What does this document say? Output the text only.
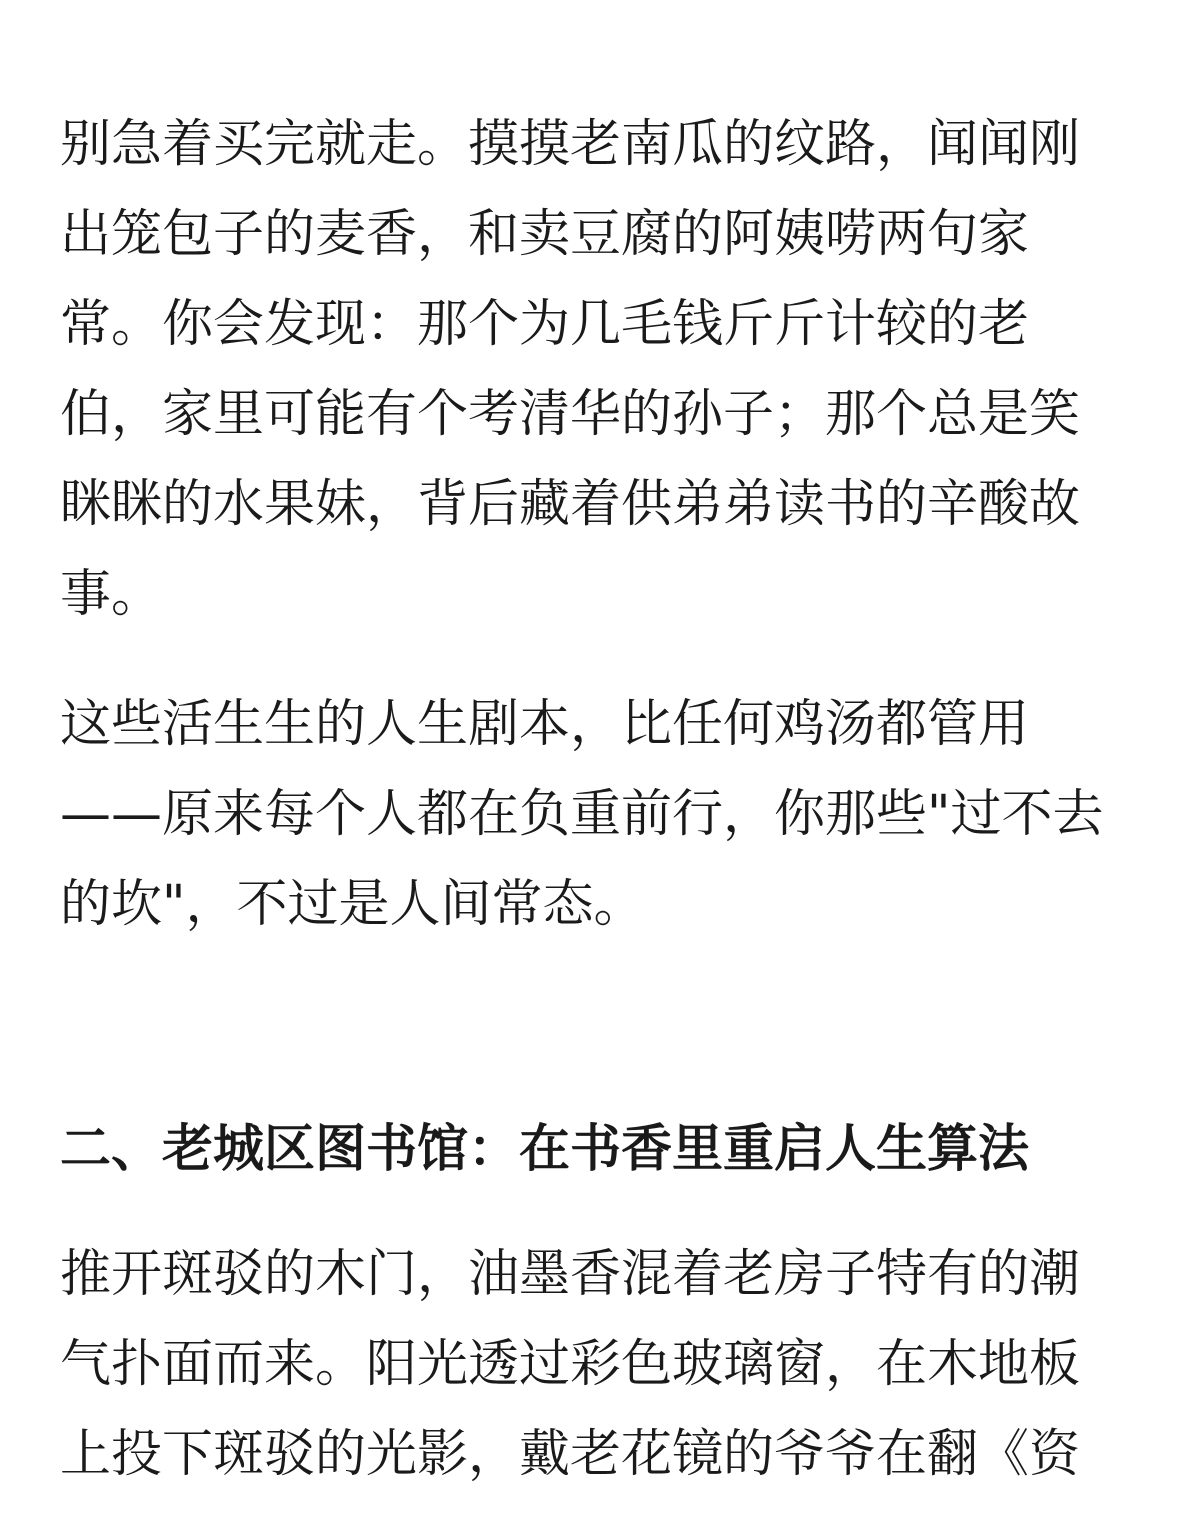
别急着买完就走。摸摸老南瓜的纹路，闻闻刚
出笼包子的麦香，和卖豆腐的阿姨唠两句家
常。你会发现：那个为几毛钱斤斤计较的老
伯，家里可能有个考清华的孙子；那个总是笑
眯眯的水果妹，背后藏着供弟弟读书的辛酸故
事。
这些活生生的人生剧本，比任何鸡汤都管用
——原来每个人都在负重前行，你那些"过不去
的坎"，不过是人间常态。
二、老城区图书馆：在书香里重启人生算法
推开斑驳的木门，油墨香混着老房子特有的潮
气扑面而来。阳光透过彩色玻璃窗，在木地板
上投下斑驳的光影，戴老花镜的爷爷在翻《资
